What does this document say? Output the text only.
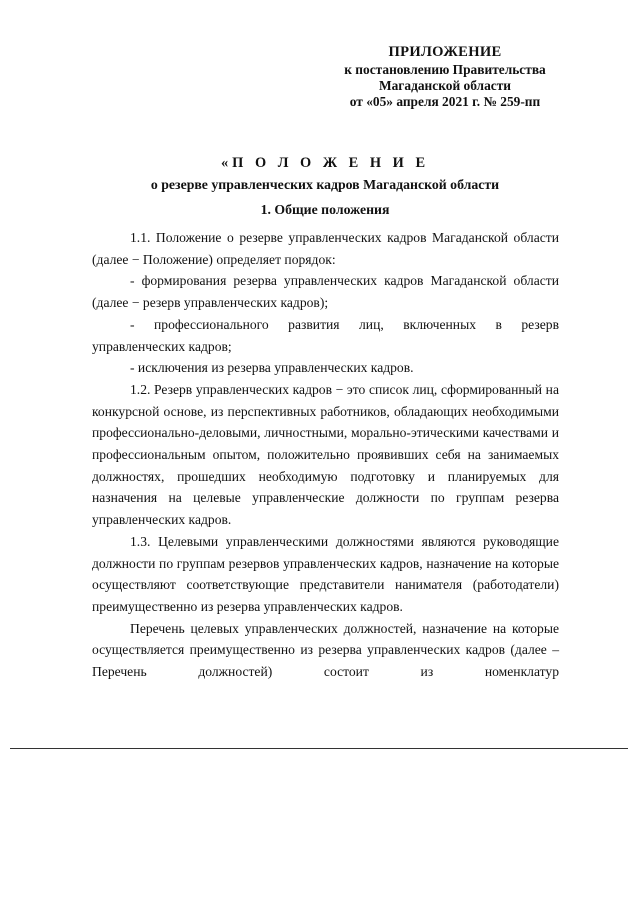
ПРИЛОЖЕНИЕ
к постановлению Правительства
Магаданской области
от «05» апреля 2021 г. № 259-пп
«П О Л О Ж Е Н И Е
о резерве управленческих кадров Магаданской области
1. Общие положения

1.1. Положение о резерве управленческих кадров Магаданской области (далее − Положение) определяет порядок:

- формирования резерва управленческих кадров Магаданской области (далее − резерв управленческих кадров);

- профессионального развития лиц, включенных в резерв управленческих кадров;

- исключения из резерва управленческих кадров.

1.2. Резерв управленческих кадров − это список лиц, сформированный на конкурсной основе, из перспективных работников, обладающих необходимыми профессионально-деловыми, личностными, морально-этическими качествами и профессиональным опытом, положительно проявивших себя на занимаемых должностях, прошедших необходимую подготовку и планируемых для назначения на целевые управленческие должности по группам резерва управленческих кадров.

1.3. Целевыми управленческими должностями являются руководящие должности по группам резервов управленческих кадров, назначение на которые осуществляют соответствующие представители нанимателя (работодатели) преимущественно из резерва управленческих кадров.

Перечень целевых управленческих должностей, назначение на которые осуществляется преимущественно из резерва управленческих кадров (далее – Перечень должностей) состоит из номенклатур
